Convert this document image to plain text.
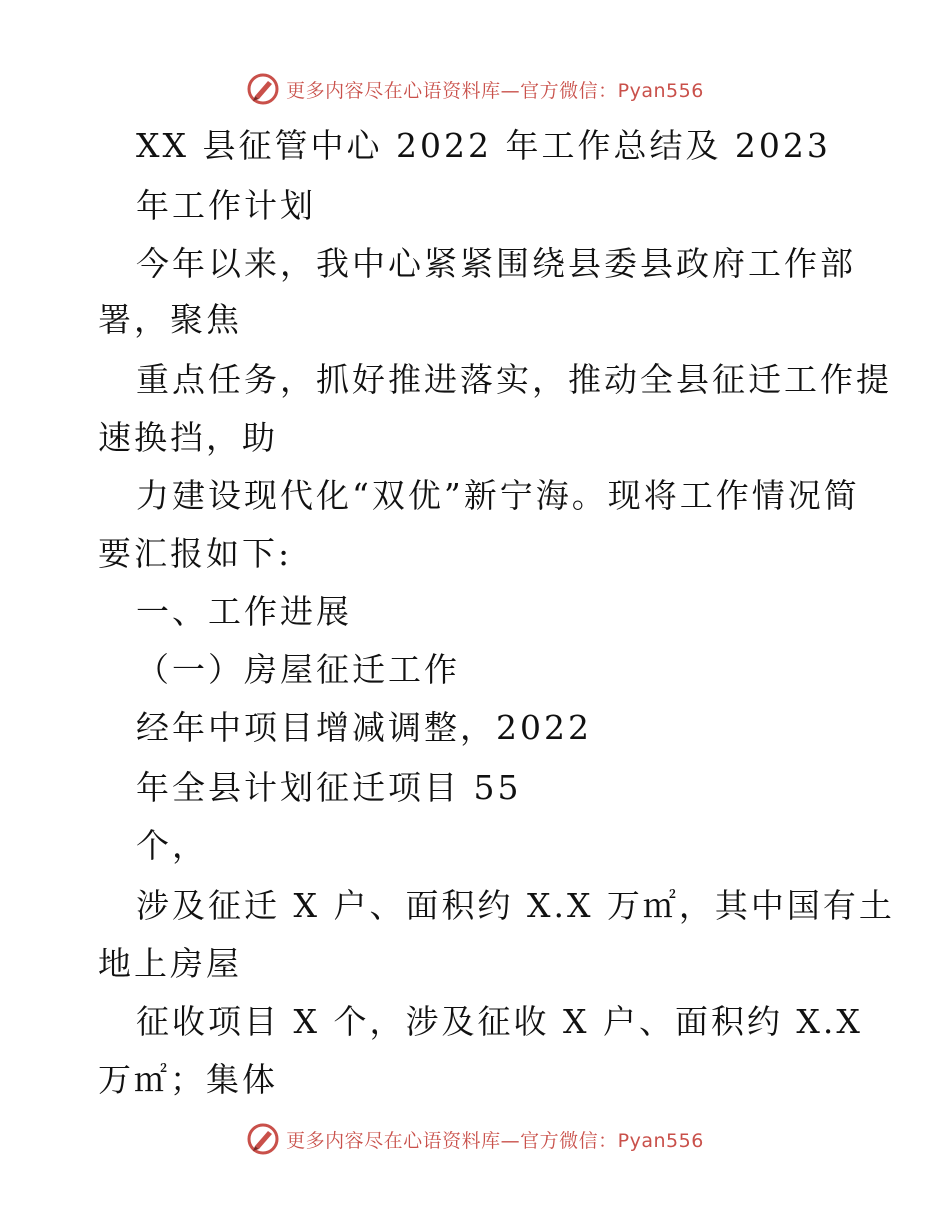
更多内容尽在心语资料库—官方微信：Pyan556
XX 县征管中心 2022 年工作总结及 2023
年工作计划
今年以来，我中心紧紧围绕县委县政府工作部
署，聚焦
重点任务，抓好推进落实，推动全县征迁工作提
速换挡，助
力建设现代化“双优”新宁海。现将工作情况简
要汇报如下:
一、工作进展
（一）房屋征迁工作
经年中项目增减调整，2022
年全县计划征迁项目 55
个，
涉及征迁 X 户、面积约 X.X 万㎡，其中国有土
地上房屋
征收项目 X 个，涉及征收 X 户、面积约 X.X
万㎡；集体
更多内容尽在心语资料库—官方微信：Pyan556
